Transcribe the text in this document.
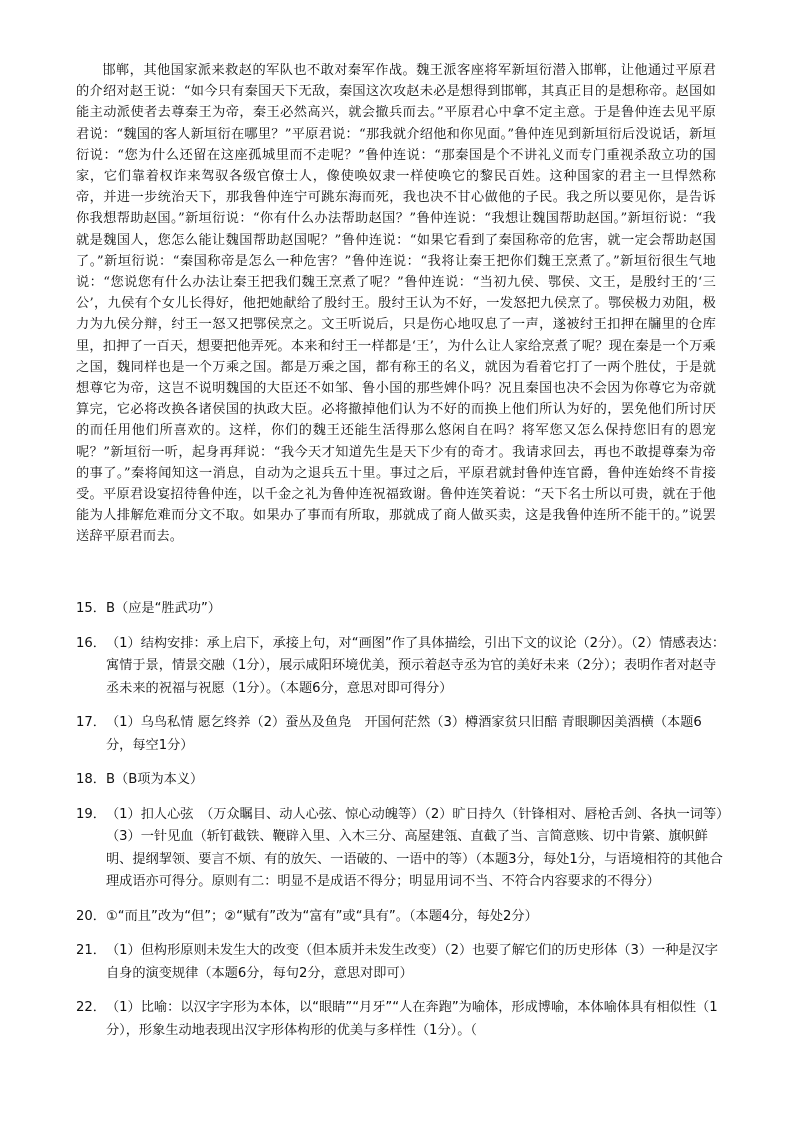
邯郸，其他国家派来救赵的军队也不敢对秦军作战。魏王派客座将军新垣衍潜入邯郸，让他通过平原君的介绍对赵王说：“如今只有秦国天下无敌，秦国这次攻赵未必是想得到邯郸，其真正目的是想称帝。赵国如能主动派使者去尊秦王为帝，秦王必然高兴，就会撤兵而去。”平原君心中拿不定主意。于是鲁仲连去见平原君说：“魏国的客人新垣衍在哪里？”平原君说：“那我就介绍他和你见面。”鲁仲连见到新垣衍后没说话，新垣衍说：“您为什么还留在这座孤城里而不走呢？”鲁仲连说：“那秦国是个不讲礼义而专门重视杀敌立功的国家，它们靠着权诈来驾驭各级官僚士人，像使唤奴隶一样使唤它的黎民百姓。这种国家的君主一旦悍然称帝，并进一步统治天下，那我鲁仲连宁可跳东海而死，我也决不甘心做他的子民。我之所以要见你，是告诉你我想帮助赵国。”新垣衍说：“你有什么办法帮助赵国？”鲁仲连说：“我想让魏国帮助赵国。”新垣衍说：“我就是魏国人，您怎么能让魏国帮助赵国呢？”鲁仲连说：“如果它看到了秦国称帝的危害，就一定会帮助赵国了。”新垣衍说：“秦国称帝是怎么一种危害？”鲁仲连说：“我将让秦王把你们魏王烹煮了。”新垣衍很生气地说：“您说您有什么办法让秦王把我们魏王烹煮了呢？”鲁仲连说：“当初九侯、鄂侯、文王，是殷纣王的‘三公’，九侯有个女儿长得好，他把她献给了殷纣王。殷纣王认为不好，一发怒把九侯烹了。鄂侯极力劝阻，极力为九侯分辩，纣王一怒又把鄂侯烹之。文王听说后，只是伤心地叹息了一声，遂被纣王扣押在牖里的仓库里，扣押了一百天，想要把他弄死。本来和纣王一样都是‘王’，为什么让人家给烹煮了呢？现在秦是一个万乘之国，魏同样也是一个万乘之国。都是万乘之国，都有称王的名义，就因为看着它打了一两个胜仗，于是就想尊它为帝，这岂不说明魏国的大臣还不如邹、鲁小国的那些婢仆吗？况且秦国也决不会因为你尊它为帝就算完，它必将改换各诸侯国的执政大臣。必将撤掉他们认为不好的而换上他们所认为好的，罢免他们所讨厌的而任用他们所喜欢的。这样，你们的魏王还能生活得那么悠闲自在吗？将军您又怎么保持您旧有的恩宠呢？”新垣衍一听，起身再拜说：“我今天才知道先生是天下少有的奇才。我请求回去，再也不敢提尊秦为帝的事了。”秦将闻知这一消息，自动为之退兵五十里。事过之后，平原君就封鲁仲连官爵，鲁仲连始终不肯接受。平原君设宴招待鲁仲连，以千金之礼为鲁仲连祝福致谢。鲁仲连笑着说：“天下名士所以可贵，就在于他能为人排解危难而分文不取。如果办了事而有所取，那就成了商人做买卖，这是我鲁仲连所不能干的。”说罢送辞平原君而去。

15． B（应是“胜武功”）
16． （1）结构安排：承上启下，承接上句，对“画图”作了具体描绘，引出下文的议论（2分）。（2）情感表达：寓情于景，情景交融（1分），展示咸阳环境优美，预示着赵寺丞为官的美好未来（2分）；表明作者对赵寺丞未来的祝福与祝愿（1分）。（本题6分，意思对即可得分）
17． （1）乌鸟私情 愿乞终养（2）蚕丛及鱼凫　开国何茫然（3）樽酒家贫只旧醅 青眼聊因美酒横（本题6分，每空1分）
18． B（B项为本义）
19． （1）扣人心弦　（万众瞩目、动人心弦、惊心动魄等）（2）旷日持久（针锋相对、唇枪舌剑、各执一词等）（3）一针见血（斩钉截铁、鞭辟入里、入木三分、高屋建瓴、直截了当、言简意赅、切中肯綮、旗帜鲜明、提纲挈领、要言不烦、有的放矢、一语破的、一语中的等）（本题3分，每处1分，与语境相符的其他合理成语亦可得分。原则有二：明显不是成语不得分；明显用词不当、不符合内容要求的不得分）
20． ①“而且”改为“但”；②“赋有”改为“富有”或“具有”。（本题4分，每处2分）
21． （1）但构形原则未发生大的改变（但本质并未发生改变）（2）也要了解它们的历史形体（3）一种是汉字自身的演变规律（本题6分，每句2分，意思对即可）
22． （1）比喻：以汉字字形为本体，以“眼睛”“月牙”“人在奔跑”为喻体，形成博喻，本体喻体具有相似性（1分），形象生动地表现出汉字形体构形的优美与多样性（1分）。（
